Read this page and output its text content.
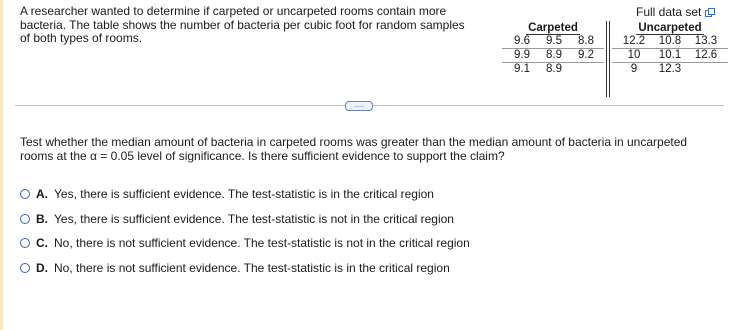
A researcher wanted to determine if carpeted or uncarpeted rooms contain more
bacteria. The table shows the number of bacteria per cubic foot for random samples
of both types of rooms.
Full data set
Carpeted
9.6	9.5	8.8
9.9	8.9	9.2
9.1	8.9
Uncarpeted
12.2	10.8	13.3
10	10.1	12.6
9	12.3
.....
Test whether the median amount of bacteria in carpeted rooms was greater than the median amount of bacteria in uncarpeted
rooms at the α = 0.05 level of significance. Is there sufficient evidence to support the claim?
A. Yes, there is sufficient evidence. The test-statistic is in the critical region
B. Yes, there is sufficient evidence. The test-statistic is not in the critical region
C. No, there is not sufficient evidence. The test-statistic is not in the critical region
D. No, there is not sufficient evidence. The test-statistic is in the critical region
